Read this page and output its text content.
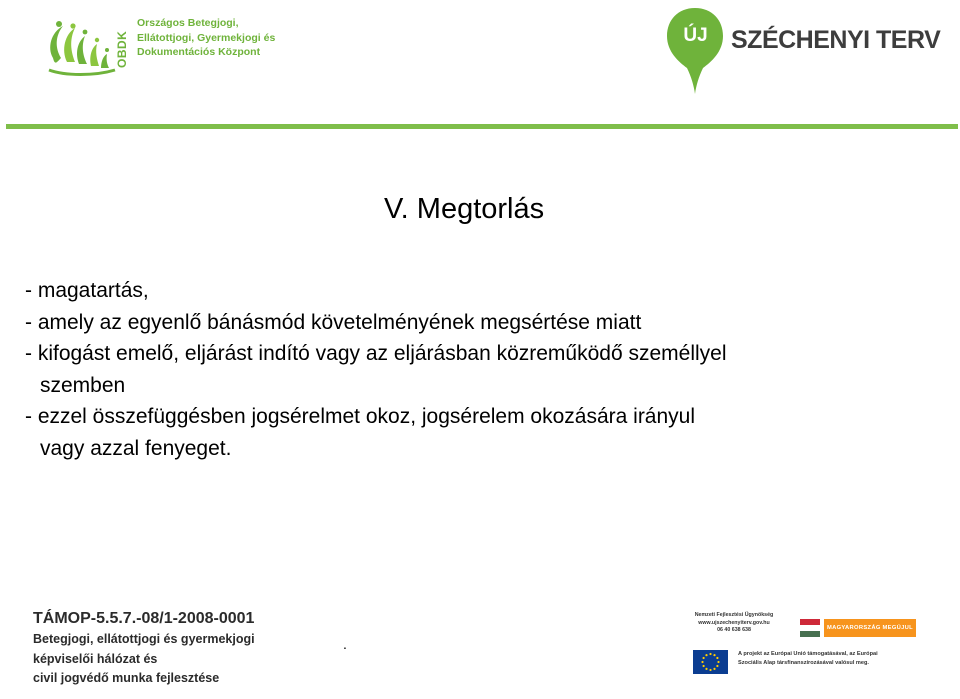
OBDK
Országos Betegjogi,
Ellátottjogi, Gyermekjogi és
Dokumentációs Központ
ÚJ SZÉCHENYI TERV
V. Megtorlás
- magatartás,
- amely az egyenlő bánásmód követelményének megsértése miatt
- kifogást emelő, eljárást indító vagy az eljárásban közreműködő személlyel
szemben
- ezzel összefüggésben jogsérelmet okoz, jogsérelem okozására irányul
vagy azzal fenyeget.
TÁMOP-5.5.7.-08/1-2008-0001
Betegjogi, ellátottjogi és gyermekjogi
képviselői hálózat és
civil jogvédő munka fejlesztése
.
Nemzeti Fejlesztési Ügynökség
www.ujszechenyiterv.gov.hu
06 40 638 638	MAGYARORSZÁG MEGÚJUL
A projekt az Európai Unió támogatásával, az Európai
Szociális Alap társfinanszírozásával valósul meg.
